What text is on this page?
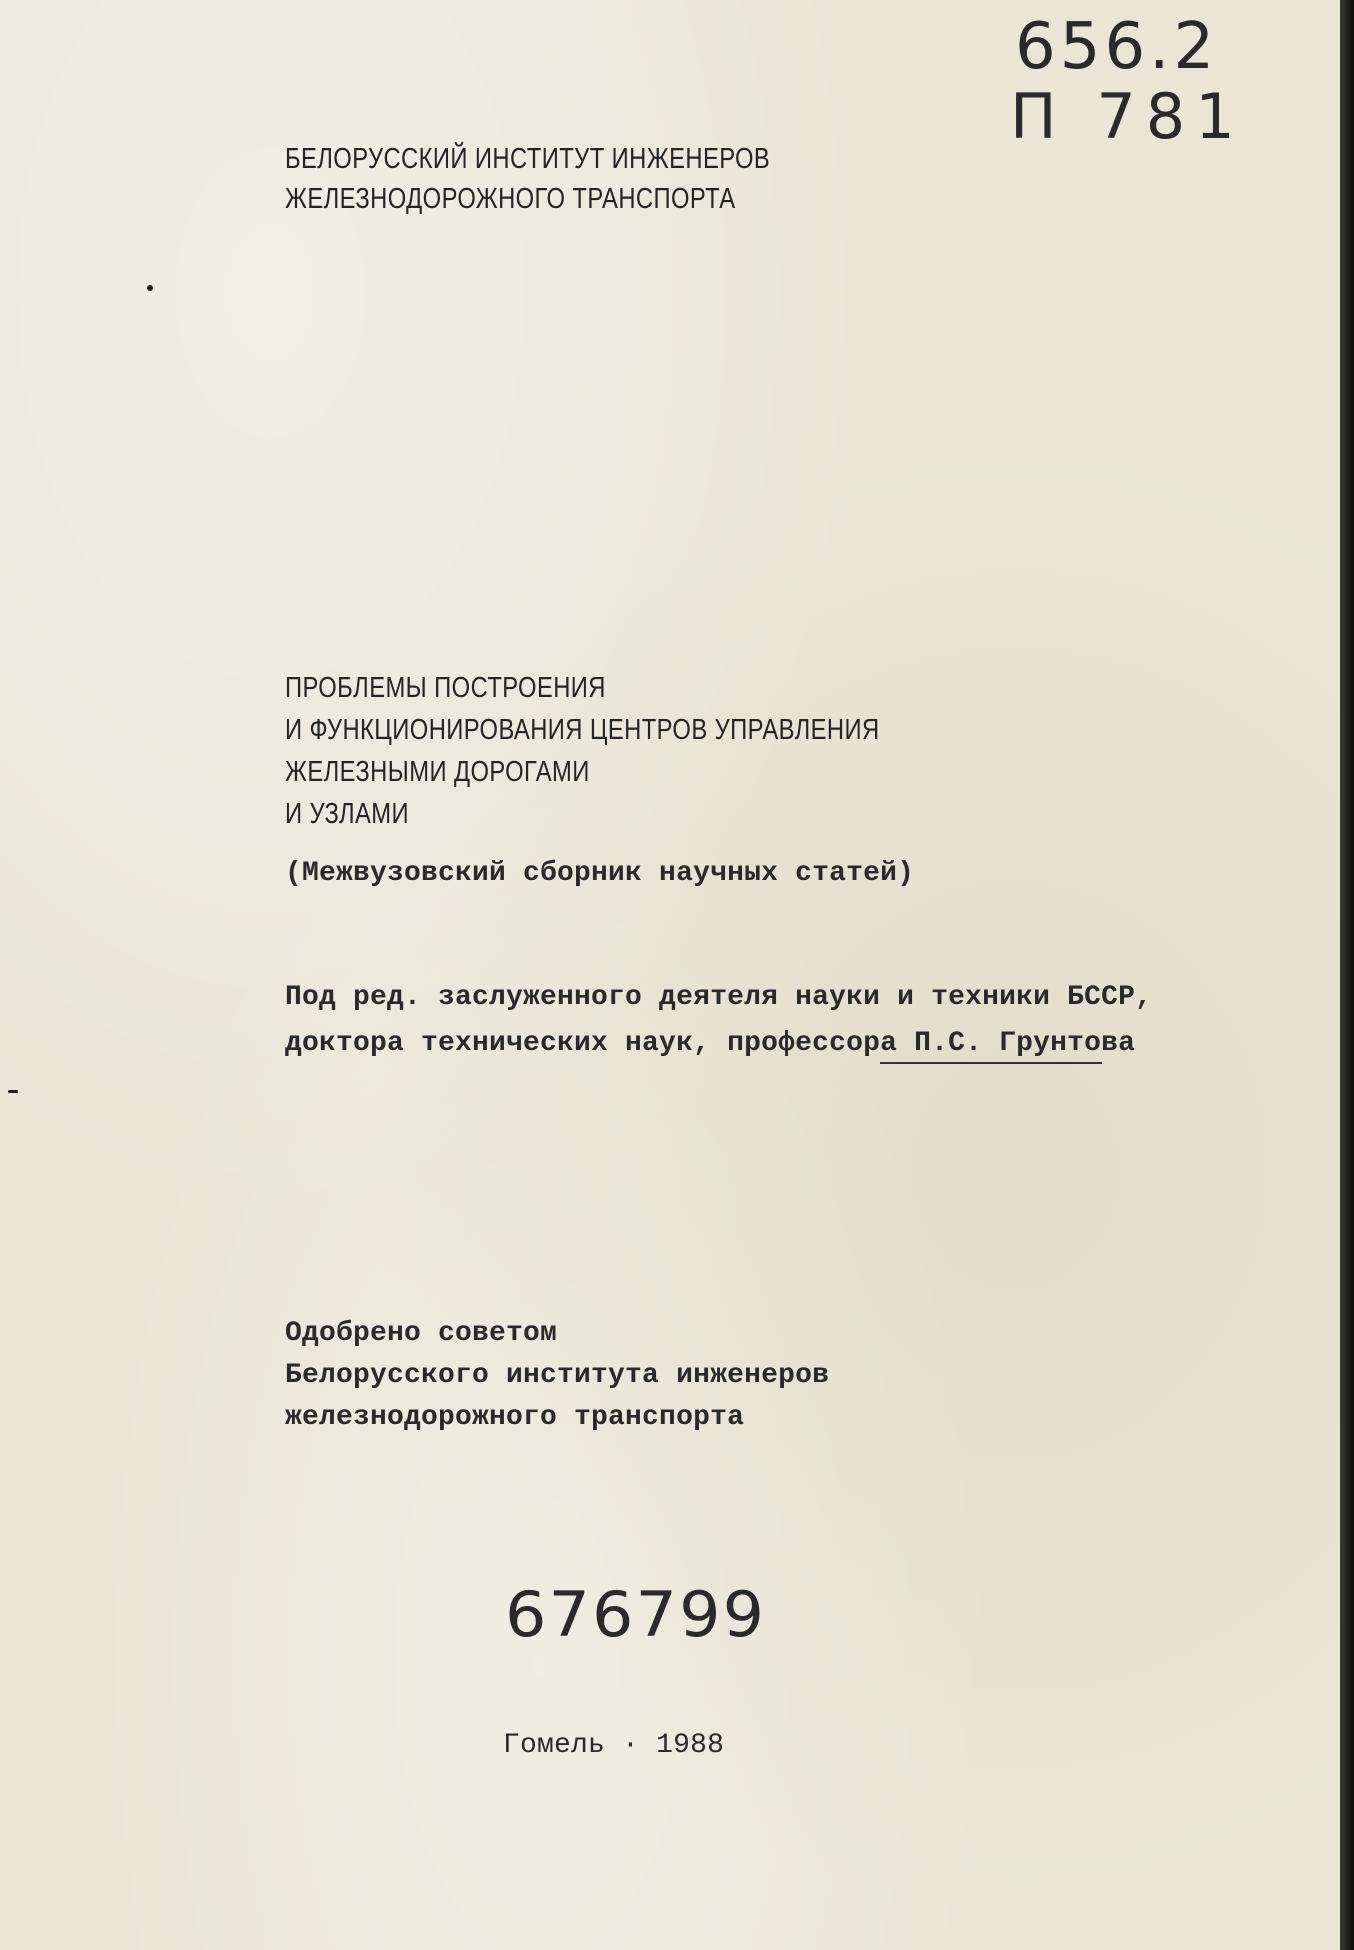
656.2
П 781
БЕЛОРУССКИЙ ИНСТИТУТ ИНЖЕНЕРОВ
ЖЕЛЕЗНОДОРОЖНОГО ТРАНСПОРТА
ПРОБЛЕМЫ ПОСТРОЕНИЯ
И ФУНКЦИОНИРОВАНИЯ ЦЕНТРОВ УПРАВЛЕНИЯ
ЖЕЛЕЗНЫМИ ДОРОГАМИ
И УЗЛАМИ
(Межвузовский сборник научных статей)
Под ред. заслуженного деятеля науки и техники БССР,
доктора технических наук, профессора П.С. Грунтова
Одобрено советом
Белорусского института инженеров
железнодорожного транспорта
676799
Гомель · 1988
